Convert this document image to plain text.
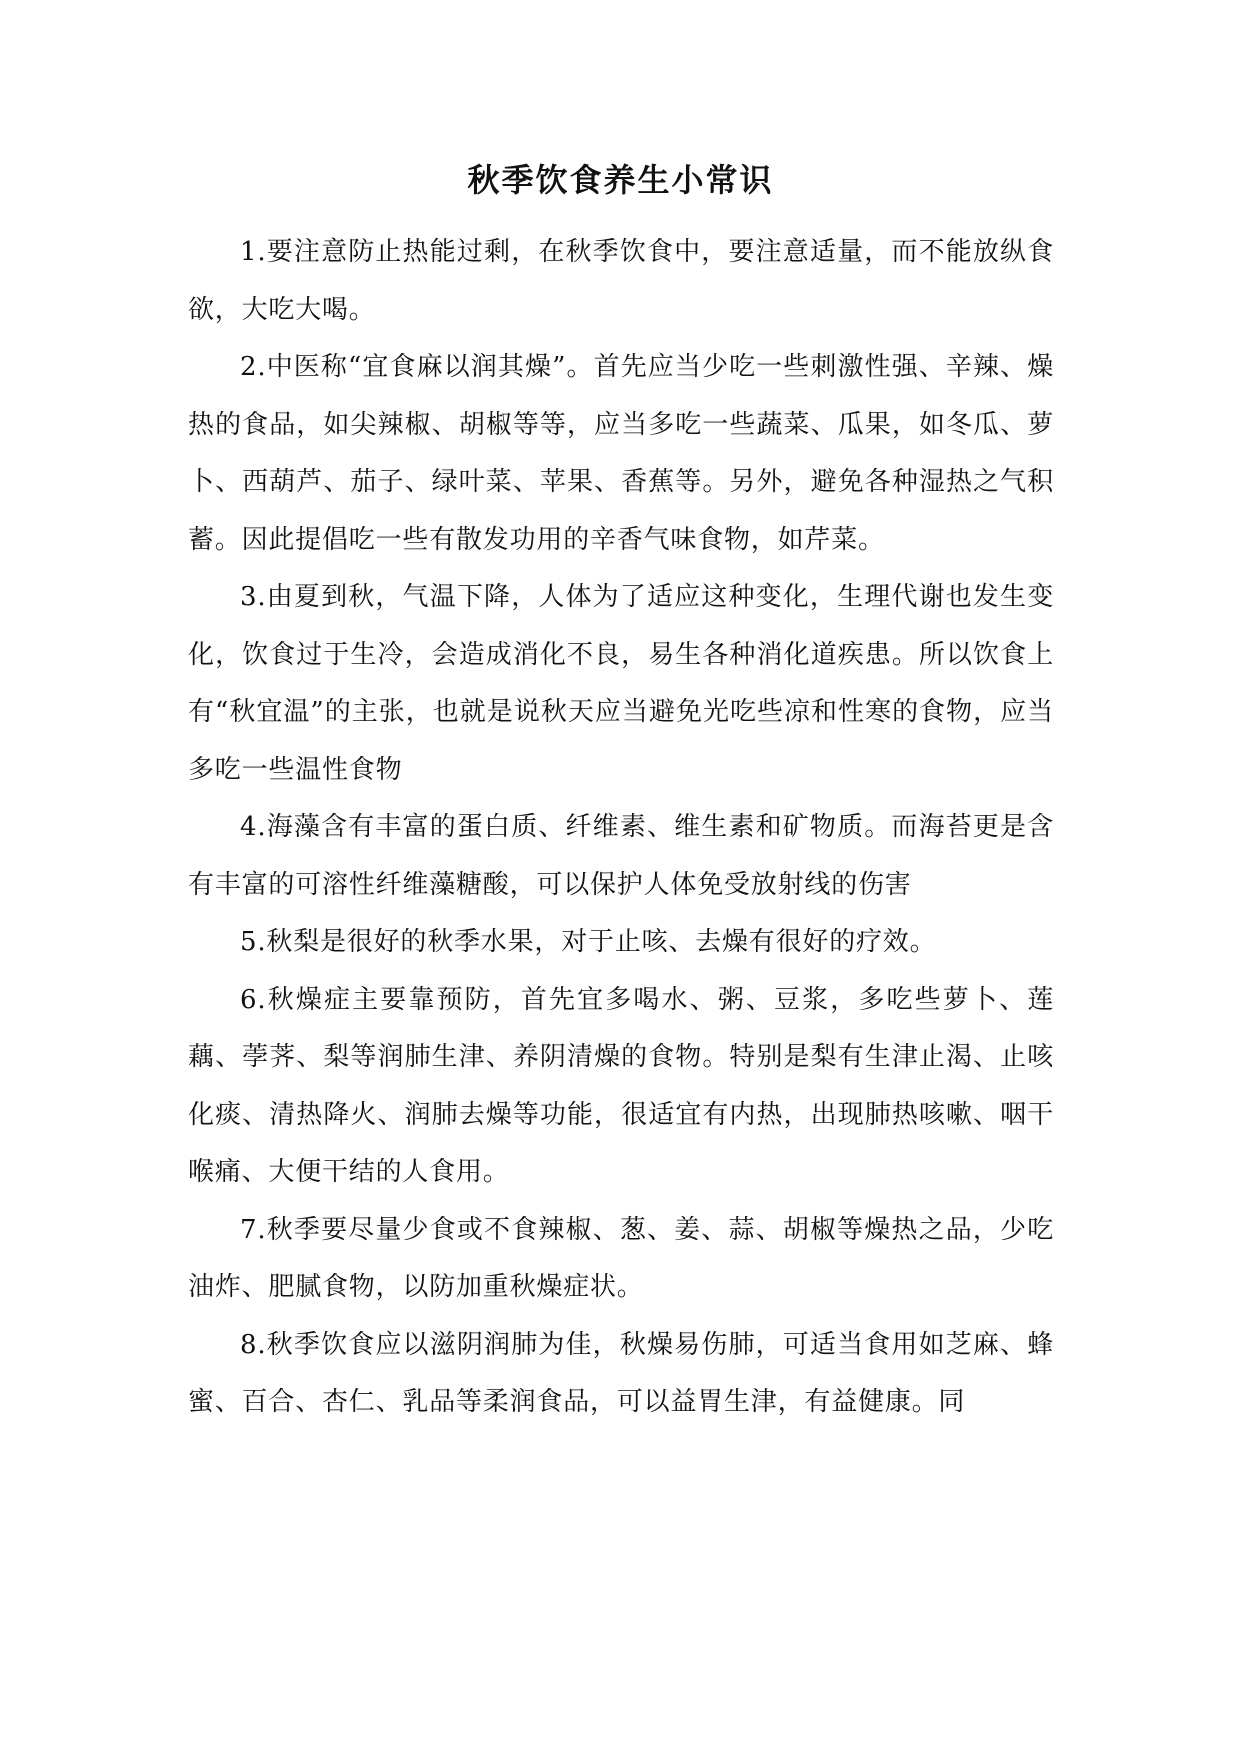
秋季饮食养生小常识

1.要注意防止热能过剩，在秋季饮食中，要注意适量，而不能放纵食欲，大吃大喝。

2.中医称“宜食麻以润其燥”。首先应当少吃一些刺激性强、辛辣、燥热的食品，如尖辣椒、胡椒等等，应当多吃一些蔬菜、瓜果，如冬瓜、萝卜、西葫芦、茄子、绿叶菜、苹果、香蕉等。另外，避免各种湿热之气积蓄。因此提倡吃一些有散发功用的辛香气味食物，如芹菜。

3.由夏到秋，气温下降，人体为了适应这种变化，生理代谢也发生变化，饮食过于生冷，会造成消化不良，易生各种消化道疾患。所以饮食上有“秋宜温”的主张，也就是说秋天应当避免光吃些凉和性寒的食物，应当多吃一些温性食物

4.海藻含有丰富的蛋白质、纤维素、维生素和矿物质。而海苔更是含有丰富的可溶性纤维藻糖酸，可以保护人体免受放射线的伤害

5.秋梨是很好的秋季水果，对于止咳、去燥有很好的疗效。

6.秋燥症主要靠预防，首先宜多喝水、粥、豆浆，多吃些萝卜、莲藕、荸荠、梨等润肺生津、养阴清燥的食物。特别是梨有生津止渴、止咳化痰、清热降火、润肺去燥等功能，很适宜有内热，出现肺热咳嗽、咽干喉痛、大便干结的人食用。

7.秋季要尽量少食或不食辣椒、葱、姜、蒜、胡椒等燥热之品，少吃油炸、肥腻食物，以防加重秋燥症状。

8.秋季饮食应以滋阴润肺为佳，秋燥易伤肺，可适当食用如芝麻、蜂蜜、百合、杏仁、乳品等柔润食品，可以益胃生津，有益健康。同
